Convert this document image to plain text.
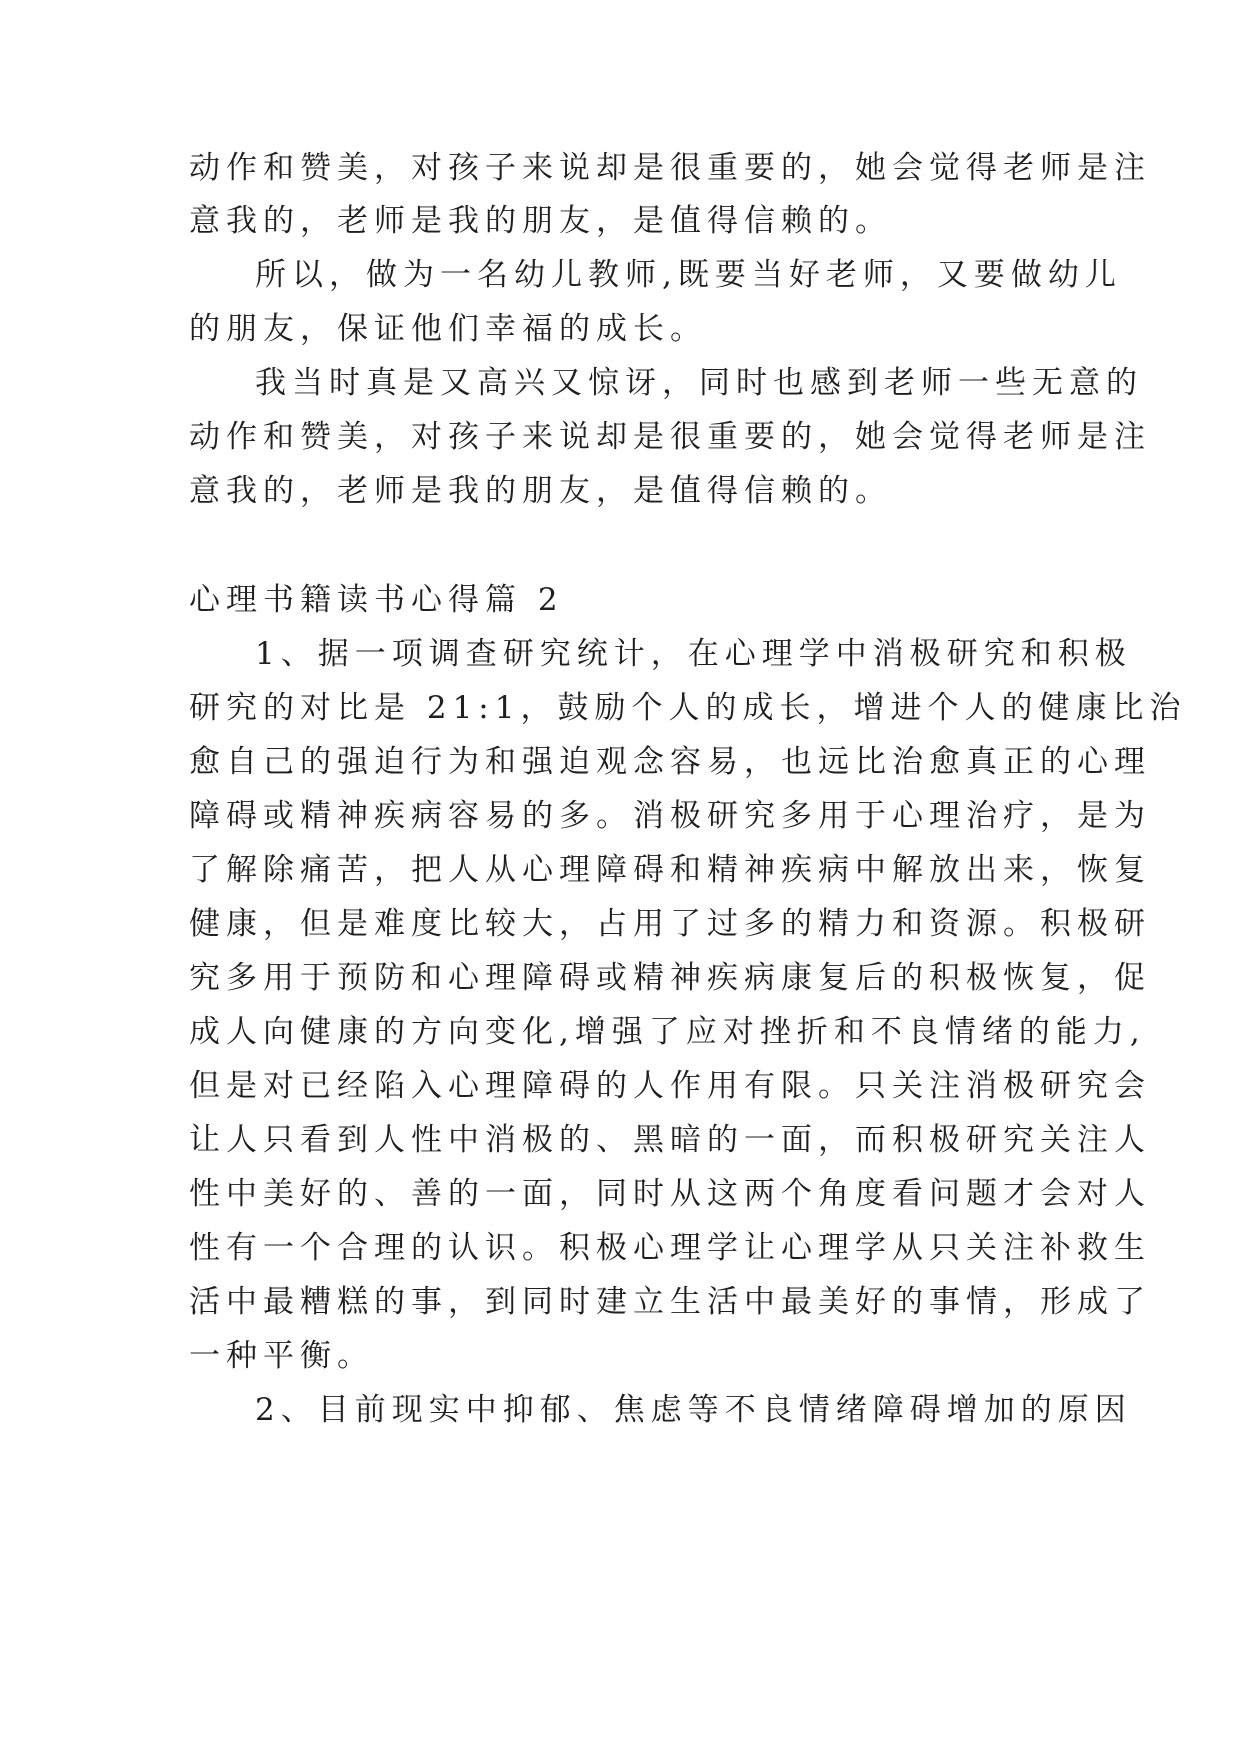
动作和赞美，对孩子来说却是很重要的，她会觉得老师是注
意我的，老师是我的朋友，是值得信赖的。
所以，做为一名幼儿教师,既要当好老师，又要做幼儿
的朋友，保证他们幸福的成长。
我当时真是又高兴又惊讶，同时也感到老师一些无意的
动作和赞美，对孩子来说却是很重要的，她会觉得老师是注
意我的，老师是我的朋友，是值得信赖的。
心理书籍读书心得篇 2
1、据一项调查研究统计，在心理学中消极研究和积极
研究的对比是 21:1，鼓励个人的成长，增进个人的健康比治
愈自己的强迫行为和强迫观念容易，也远比治愈真正的心理
障碍或精神疾病容易的多。消极研究多用于心理治疗，是为
了解除痛苦，把人从心理障碍和精神疾病中解放出来，恢复
健康，但是难度比较大，占用了过多的精力和资源。积极研
究多用于预防和心理障碍或精神疾病康复后的积极恢复，促
成人向健康的方向变化,增强了应对挫折和不良情绪的能力,
但是对已经陷入心理障碍的人作用有限。只关注消极研究会
让人只看到人性中消极的、黑暗的一面，而积极研究关注人
性中美好的、善的一面，同时从这两个角度看问题才会对人
性有一个合理的认识。积极心理学让心理学从只关注补救生
活中最糟糕的事，到同时建立生活中最美好的事情，形成了
一种平衡。
2、目前现实中抑郁、焦虑等不良情绪障碍增加的原因
